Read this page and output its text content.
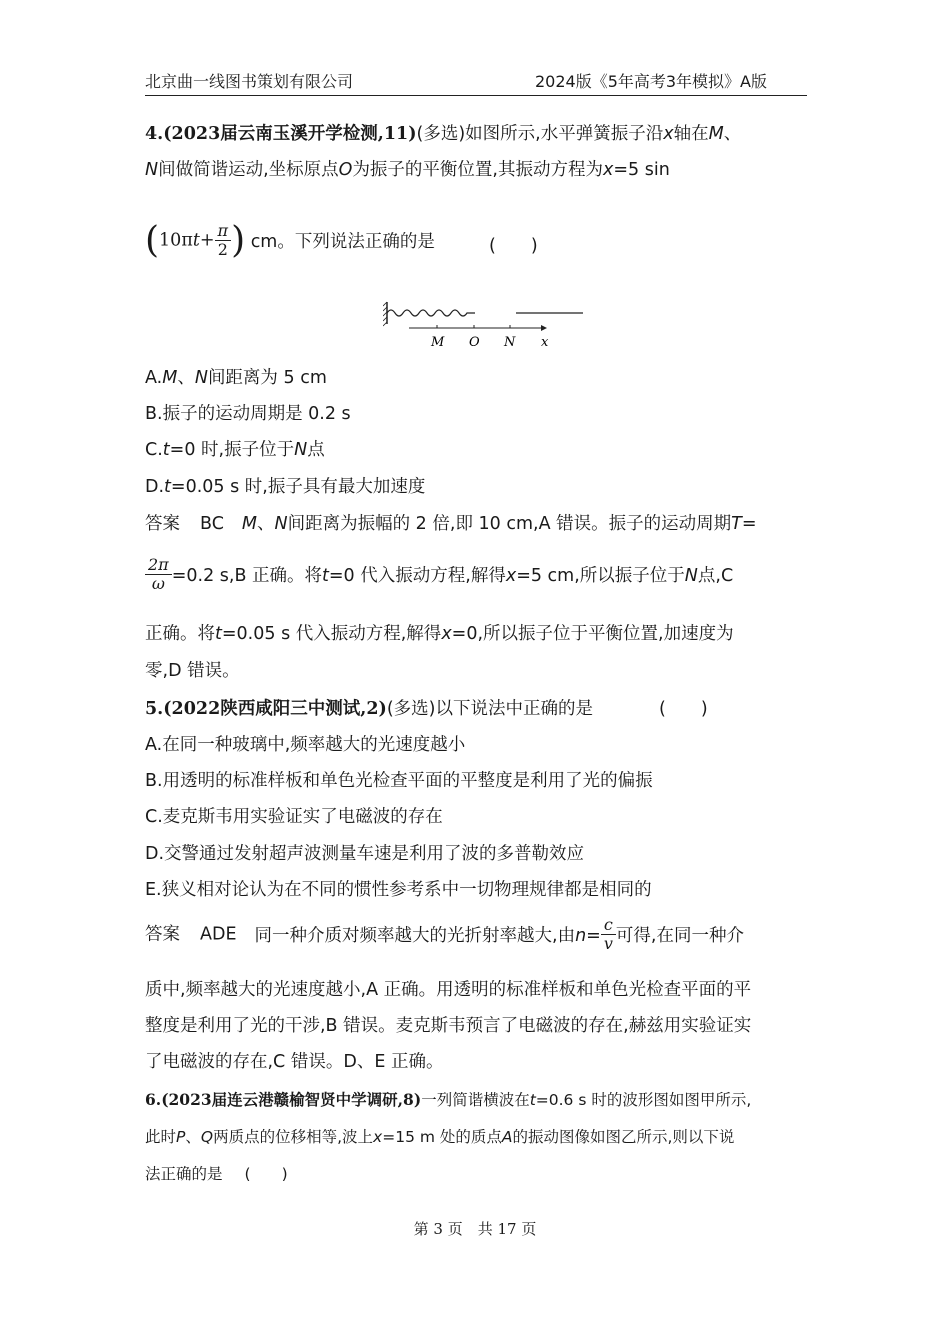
北京曲一线图书策划有限公司	2024版《5年高考3年模拟》A版
4.(2023届云南玉溪开学检测,11)(多选)如图所示,水平弹簧振子沿x轴在M、
N间做简谐运动,坐标原点O为振子的平衡位置,其振动方程为x=5 sin
($10\pi t+ \frac{\pi}{2}$ ) cm。下列说法正确的是	(　　)
M O N x
A.M、N间距离为 5 cm
B.振子的运动周期是 0.2 s
C.t=0 时,振子位于N点
D.t=0.05 s 时,振子具有最大加速度
答案 BC M、N间距离为振幅的 2 倍,即 10 cm,A 错误。振子的运动周期T=
$\frac{2\pi}{\omega} =0.2$ s,B 正确。将t=0 代入振动方程,解得x=5 cm,所以振子位于N点,C
正确。将t=0.05 s 代入振动方程,解得x=0,所以振子位于平衡位置,加速度为
零,D 错误。
5.(2022陕西咸阳三中测试,2)(多选)以下说法中正确的是	(　　)
A.在同一种玻璃中,频率越大的光速度越小
B.用透明的标准样板和单色光检查平面的平整度是利用了光的偏振
C.麦克斯韦用实验证实了电磁波的存在
D.交警通过发射超声波测量车速是利用了波的多普勒效应
E.狭义相对论认为在不同的惯性参考系中一切物理规律都是相同的
答案 ADE 同一种介质对频率越大的光折射率越大,由$n= \frac{c}{v}$ 可得,在同一种介
质中,频率越大的光速度越小,A 正确。用透明的标准样板和单色光检查平面的平
整度是利用了光的干涉,B 错误。麦克斯韦预言了电磁波的存在,赫兹用实验证实
了电磁波的存在,C 错误。D、E 正确。
6.(2023届连云港赣榆智贤中学调研,8)一列简谐横波在t=0.6 s 时的波形图如图甲所示,
此时P、Q两质点的位移相等,波上x=15 m 处的质点A的振动图像如图乙所示,则以下说
法正确的是 (　　)
第 3 页　共 17 页
